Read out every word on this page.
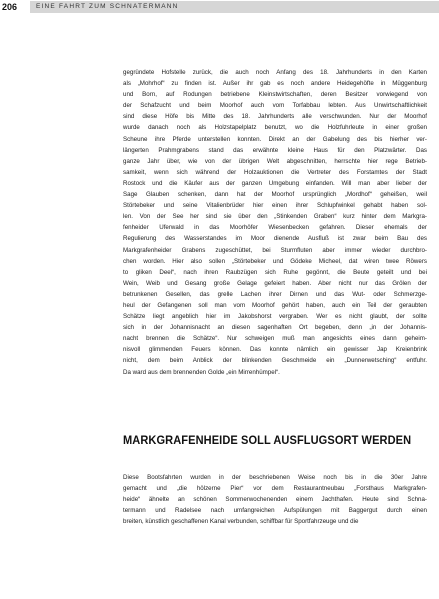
206	EINE FAHRT ZUM SCHNATERMANN
gegründete Hofstelle zurück, die auch noch Anfang des 18. Jahrhunderts in den Karten
als „Mohrhof“ zu finden ist. Außer ihr gab es noch andere Heidegehöfte in Müggenburg
und Born, auf Rodungen betriebene Kleinstwirtschaften, deren Besitzer vorwiegend von
der Schafzucht und beim Moorhof auch vom Torfabbau lebten. Aus Unwirtschaftlichkeit
sind diese Höfe bis Mitte des 18. Jahrhunderts alle verschwunden. Nur der Moorhof
wurde danach noch als Holzstapelplatz benutzt, wo die Holzfuhrleute in einer großen
Scheune ihre Pferde unterstellen konnten. Direkt an der Gabelung des bis hierher ver-
längerten Prahmgrabens stand das erwähnte kleine Haus für den Platzwärter. Das
ganze Jahr über, wie von der übrigen Welt abgeschnitten, herrschte hier rege Betrieb-
samkeit, wenn sich während der Holzauktionen die Vertreter des Forstamtes der Stadt
Rostock und die Käufer aus der ganzen Umgebung einfanden. Will man aber lieber der
Sage Glauben schenken, dann hat der Moorhof ursprünglich „Mordhof“ geheißen, weil
Störtebeker und seine Vitalienbrüder hier einen ihrer Schlupfwinkel gehabt haben sol-
len. Von der See her sind sie über den „Stinkenden Graben“ kurz hinter dem Markgra-
fenheider Uferwald in das Moorhöfer Wiesenbecken gefahren. Dieser ehemals der
Regulierung des Wasserstandes im Moor dienende Ausfluß ist zwar beim Bau des
Markgrafenheider Grabens zugeschüttet, bei Sturmfluten aber immer wieder durchbro-
chen worden. Hier also sollen „Störtebeker und Gödeke Micheel, dat wiren twee Röwers
to gliken Deel“, nach ihren Raubzügen sich Ruhe gegönnt, die Beute geteilt und bei
Wein, Weib und Gesang große Gelage gefeiert haben. Aber nicht nur das Grölen der
betrunkenen Gesellen, das grelle Lachen ihrer Dirnen und das Wut- oder Schmerzge-
heul der Gefangenen soll man vom Moorhof gehört haben, auch ein Teil der geraubten
Schätze liegt angeblich hier im Jakobshorst vergraben. Wer es nicht glaubt, der sollte
sich in der Johannisnacht an diesen sagenhaften Ort begeben, denn „in der Johannis-
nacht brennen die Schätze“. Nur schweigen muß man angesichts eines dann geheim-
nisvoll glimmenden Feuers können. Das konnte nämlich ein gewisser Jap Kreienbrink
nicht, dem beim Anblick der blinkenden Geschmeide ein „Dunnerwetsching“ entfuhr.
Da ward aus dem brennenden Golde „ein Mirrenhümpel“.
MARKGRAFENHEIDE SOLL AUSFLUGSORT WERDEN
Diese Bootsfahrten wurden in der beschriebenen Weise noch bis in die 30er Jahre
gemacht und „die hölzerne Pier“ vor dem Restaurantneubau „Forsthaus Markgrafen-
heide“ ähnelte an schönen Sommerwochenenden einem Jachthafen. Heute sind Schna-
termann und Radelsee nach umfangreichen Aufspülungen mit Baggergut durch einen
breiten, künstlich geschaffenen Kanal verbunden, schiffbar für Sportfahrzeuge und die
